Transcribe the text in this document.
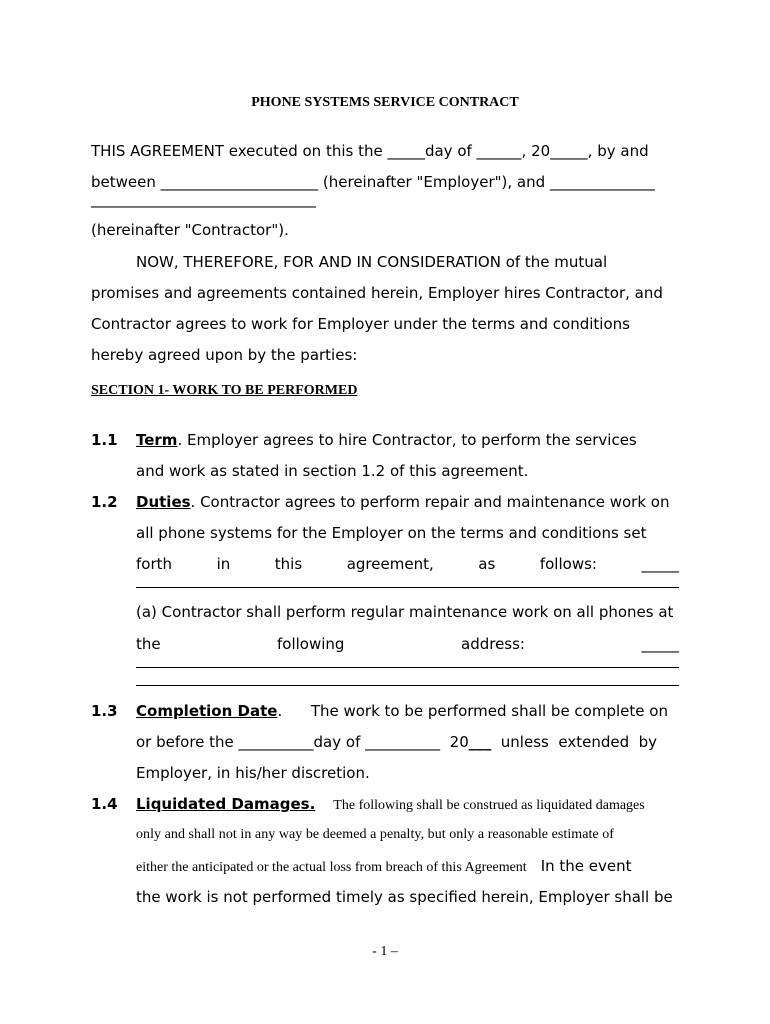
PHONE SYSTEMS SERVICE CONTRACT
THIS AGREEMENT executed on this the _____day of ______, 20_____, by and
between _____________________ (hereinafter "Employer"), and ______________
______________________________
(hereinafter "Contractor").
NOW, THEREFORE, FOR AND IN CONSIDERATION of the mutual
promises and agreements contained herein, Employer hires Contractor, and
Contractor agrees to work for Employer under the terms and conditions
hereby agreed upon by the parties:
SECTION 1- WORK TO BE PERFORMED
1.1 Term. Employer agrees to hire Contractor, to perform the services
and work as stated in section 1.2 of this agreement.
1.2 Duties. Contractor agrees to perform repair and maintenance work on
all phone systems for the Employer on the terms and conditions set
forth	in	this	agreement,	as	follows:	_____
(a) Contractor shall perform regular maintenance work on all phones at
the	following	address:	_____
1.3 Completion Date.      The work to be performed shall be complete on
or before the __________day of __________  20___  unless  extended  by
Employer, in his/her discretion.
1.4 Liquidated Damages. The following shall be construed as liquidated damages
only and shall not in any way be deemed a penalty, but only a reasonable estimate of
either the anticipated or the actual loss from breach of this Agreement In the event
the work is not performed timely as specified herein, Employer shall be
- 1 –
